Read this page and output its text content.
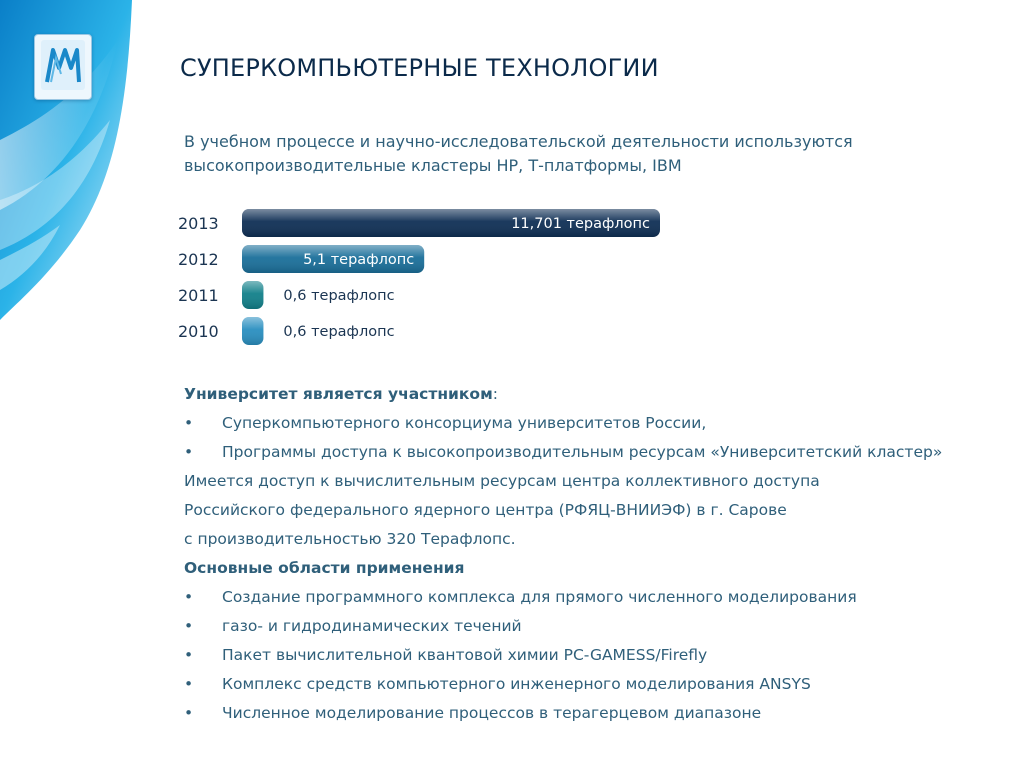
СУПЕРКОМПЬЮТЕРНЫЕ ТЕХНОЛОГИИ
В учебном процессе и научно-исследовательской деятельности используются высокопроизводительные кластеры HP, Т-платформы, IBM
2013	11,701 терафлопс
2012	5,1 терафлопс
2011	0,6 терафлопс
2010	0,6 терафлопс
Университет является участником:
•	Суперкомпьютерного консорциума университетов России,
•	Программы доступа к высокопроизводительным ресурсам «Университетский кластер»
Имеется доступ к вычислительным ресурсам центра коллективного доступа
Российского федерального ядерного центра (РФЯЦ-ВНИИЭФ) в г. Сарове
с производительностью 320 Терафлопс.
Основные области применения
•	Создание программного комплекса для прямого численного моделирования
•	газо- и гидродинамических течений
•	Пакет вычислительной квантовой химии PC-GAMESS/Firefly
•	Комплекс средств компьютерного инженерного моделирования ANSYS
•	Численное моделирование процессов в терагерцевом диапазоне
